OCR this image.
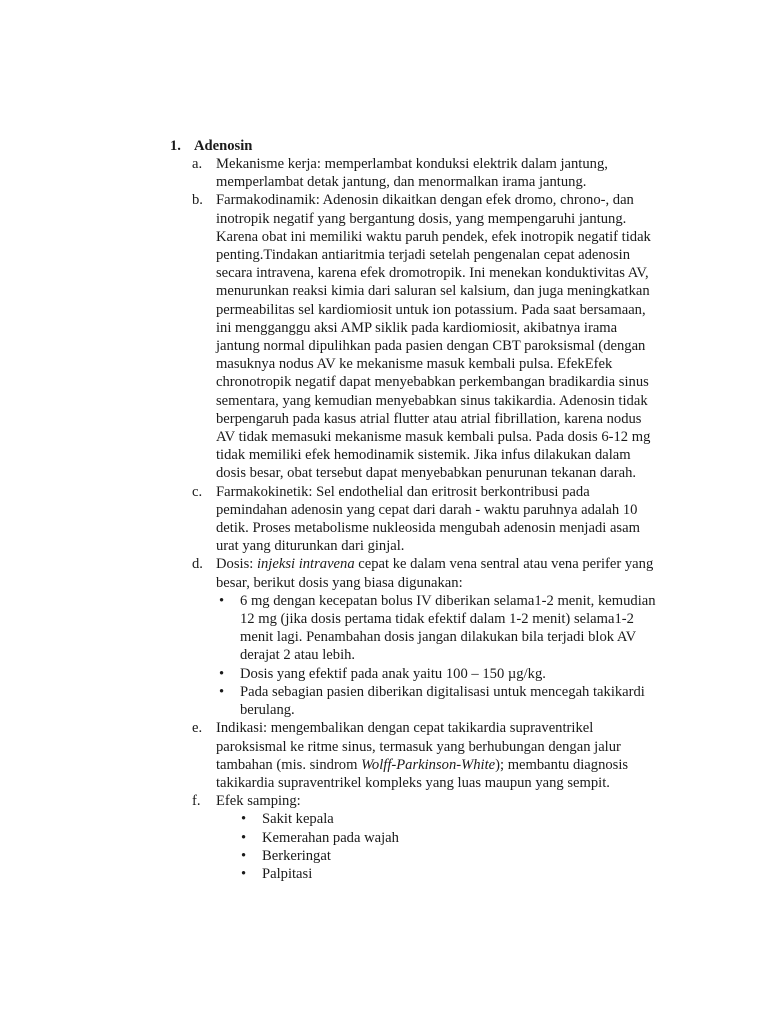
1. Adenosin
a. Mekanisme kerja: memperlambat konduksi elektrik dalam jantung, memperlambat detak jantung, dan menormalkan irama jantung.
b. Farmakodinamik: Adenosin dikaitkan dengan efek dromo, chrono-, dan inotropik negatif yang bergantung dosis, yang mempengaruhi jantung. Karena obat ini memiliki waktu paruh pendek, efek inotropik negatif tidak penting.Tindakan antiaritmia terjadi setelah pengenalan cepat adenosin secara intravena, karena efek dromotropik. Ini menekan konduktivitas AV, menurunkan reaksi kimia dari saluran sel kalsium, dan juga meningkatkan permeabilitas sel kardiomiosit untuk ion potassium. Pada saat bersamaan, ini mengganggu aksi AMP siklik pada kardiomiosit, akibatnya irama jantung normal dipulihkan pada pasien dengan CBT paroksismal (dengan masuknya nodus AV ke mekanisme masuk kembali pulsa. EfekEfek chronotropik negatif dapat menyebabkan perkembangan bradikardia sinus sementara, yang kemudian menyebabkan sinus takikardia. Adenosin tidak berpengaruh pada kasus atrial flutter atau atrial fibrillation, karena nodus AV tidak memasuki mekanisme masuk kembali pulsa. Pada dosis 6-12 mg tidak memiliki efek hemodinamik sistemik. Jika infus dilakukan dalam dosis besar, obat tersebut dapat menyebabkan penurunan tekanan darah.
c. Farmakokinetik: Sel endothelial dan eritrosit berkontribusi pada pemindahan adenosin yang cepat dari darah - waktu paruhnya adalah 10 detik. Proses metabolisme nukleosida mengubah adenosin menjadi asam urat yang diturunkan dari ginjal.
d. Dosis: injeksi intravena cepat ke dalam vena sentral atau vena perifer yang besar, berikut dosis yang biasa digunakan:
• 6 mg dengan kecepatan bolus IV diberikan selama1-2 menit, kemudian 12 mg (jika dosis pertama tidak efektif dalam 1-2 menit) selama1-2 menit lagi. Penambahan dosis jangan dilakukan bila terjadi blok AV derajat 2 atau lebih.
• Dosis yang efektif pada anak yaitu 100 – 150 µg/kg.
• Pada sebagian pasien diberikan digitalisasi untuk mencegah takikardi berulang.
e. Indikasi: mengembalikan dengan cepat takikardia supraventrikel paroksismal ke ritme sinus, termasuk yang berhubungan dengan jalur tambahan (mis. sindrom Wolff-Parkinson-White); membantu diagnosis takikardia supraventrikel kompleks yang luas maupun yang sempit.
f. Efek samping:
• Sakit kepala
• Kemerahan pada wajah
• Berkeringat
• Palpitasi
